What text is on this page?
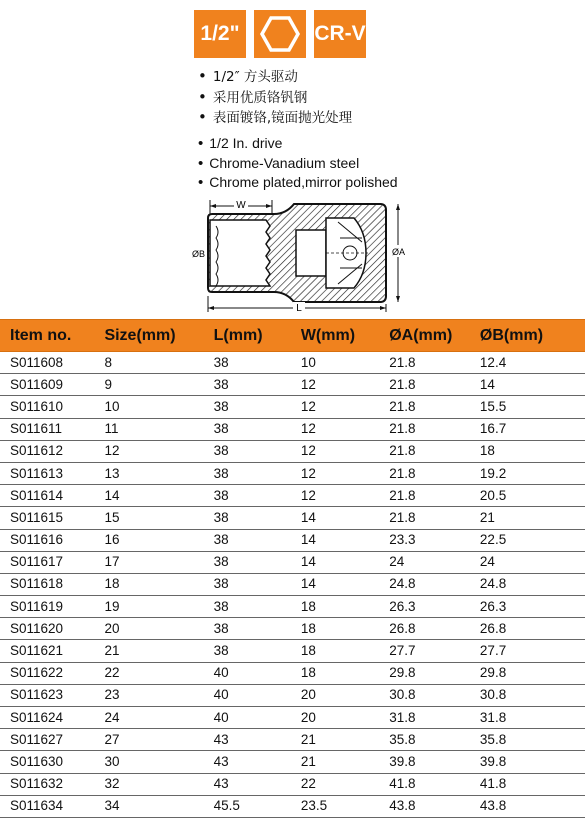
1/2"	CR-V
• 1/2″ 方头驱动
• 采用优质铬钒钢
• 表面镀铬,镜面抛光处理
• 1/2 In. drive
• Chrome-Vanadium steel
• Chrome plated,mirror polished
W
ØB	ØA
L
Item no.	Size(mm)	L(mm)	W(mm)	ØA(mm)	ØB(mm)
S011608	8	38	10	21.8	12.4
S011609	9	38	12	21.8	14
S011610	10	38	12	21.8	15.5
S011611	11	38	12	21.8	16.7
S011612	12	38	12	21.8	18
S011613	13	38	12	21.8	19.2
S011614	14	38	12	21.8	20.5
S011615	15	38	14	21.8	21
S011616	16	38	14	23.3	22.5
S011617	17	38	14	24	24
S011618	18	38	14	24.8	24.8
S011619	19	38	18	26.3	26.3
S011620	20	38	18	26.8	26.8
S011621	21	38	18	27.7	27.7
S011622	22	40	18	29.8	29.8
S011623	23	40	20	30.8	30.8
S011624	24	40	20	31.8	31.8
S011627	27	43	21	35.8	35.8
S011630	30	43	21	39.8	39.8
S011632	32	43	22	41.8	41.8
S011634	34	45.5	23.5	43.8	43.8
